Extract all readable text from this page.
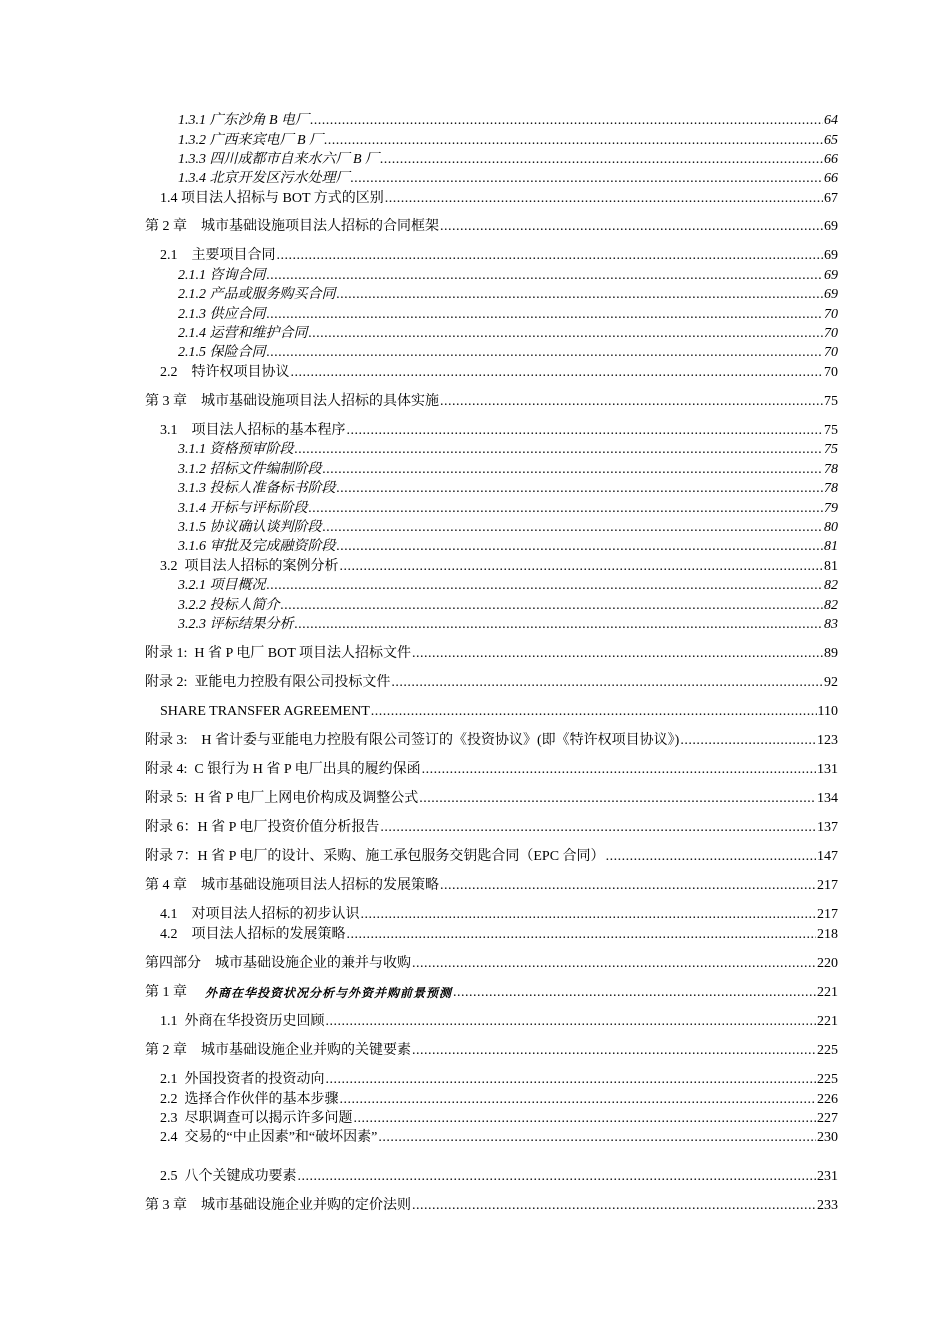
1.3.1 广东沙角 B 电厂 .....	64
1.3.2 广西来宾电厂 B 厂 .....	65
1.3.3 四川成都市自来水六厂 B 厂 .....	66
1.3.4 北京开发区污水处理厂 .....	66
1.4 项目法人招标与 BOT 方式的区别 .....	67
第 2 章    城市基础设施项目法人招标的合同框架 .....	69
2.1    主要项目合同 .....	69
2.1.1 咨询合同 .....	69
2.1.2 产品或服务购买合同 .....	69
2.1.3 供应合同 .....	70
2.1.4 运营和维护合同 .....	70
2.1.5 保险合同 .....	70
2.2    特许权项目协议 .....	70
第 3 章    城市基础设施项目法人招标的具体实施 .....	75
3.1    项目法人招标的基本程序 .....	75
3.1.1 资格预审阶段 .....	75
3.1.2 招标文件编制阶段 .....	78
3.1.3 投标人准备标书阶段 .....	78
3.1.4 开标与评标阶段 .....	79
3.1.5 协议确认谈判阶段 .....	80
3.1.6 审批及完成融资阶段 .....	81
3.2  项目法人招标的案例分析 .....	81
3.2.1 项目概况 .....	82
3.2.2 投标人简介 .....	82
3.2.3 评标结果分析 .....	83
附录 1:  H 省 P 电厂 BOT 项目法人招标文件 .....	89
附录 2:  亚能电力控股有限公司投标文件 .....	92
SHARE TRANSFER AGREEMENT .....	110
附录 3:    H 省计委与亚能电力控股有限公司签订的《投资协议》(即《特许权项目协议》) .....	123
附录 4:  C 银行为 H 省 P 电厂出具的履约保函 .....	131
附录 5:  H 省 P 电厂上网电价构成及调整公式 .....	134
附录 6：H 省 P 电厂投资价值分析报告 .....	137
附录 7：H 省 P 电厂的设计、采购、施工承包服务交钥匙合同（EPC 合同） .....	147
第 4 章    城市基础设施项目法人招标的发展策略 .....	217
4.1    对项目法人招标的初步认识 .....	217
4.2    项目法人招标的发展策略 .....	218
第四部分    城市基础设施企业的兼并与收购 .....	220
第 1 章 外商在华投资状况分析与外资并购前景预测 .....	221
1.1  外商在华投资历史回顾 .....	221
第 2 章    城市基础设施企业并购的关键要素 .....	225
2.1  外国投资者的投资动向 .....	225
2.2  选择合作伙伴的基本步骤 .....	226
2.3  尽职调查可以揭示许多问题 .....	227
2.4  交易的“中止因素”和“破坏因素” .....	230
2.5  八个关键成功要素 .....	231
第 3 章    城市基础设施企业并购的定价法则 .....	233
